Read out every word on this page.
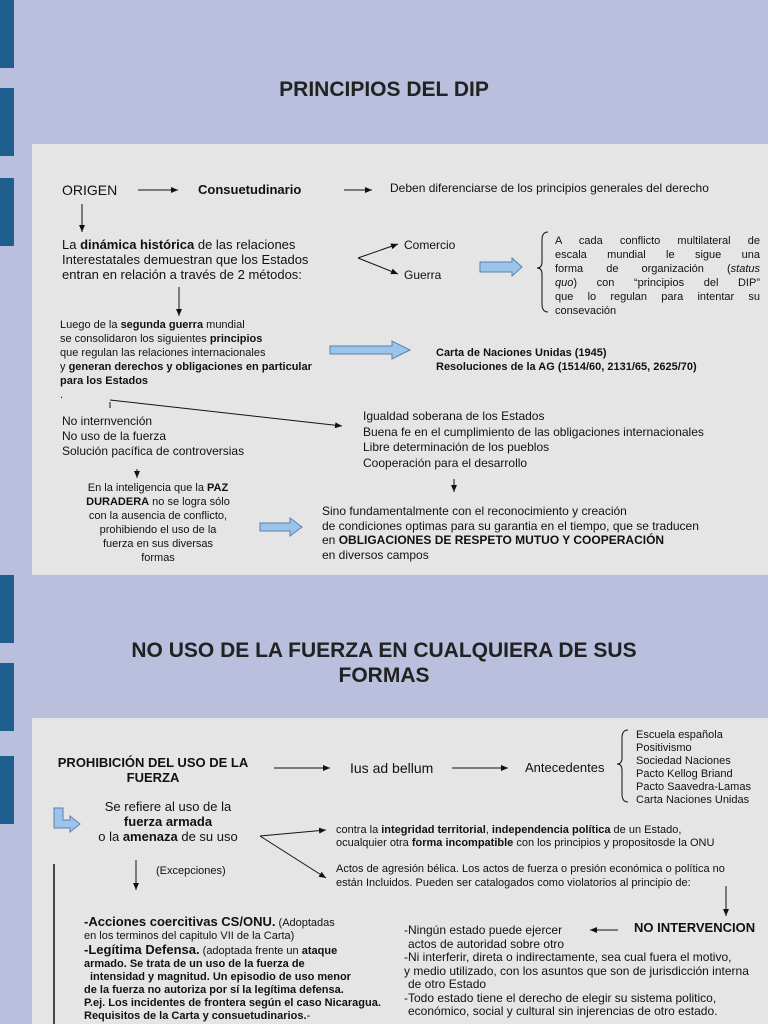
PRINCIPIOS DEL DIP
ORIGEN	Consuetudinario	Deben diferenciarse de los principios generales del derecho
La dinámica histórica de las relaciones
Interestatales demuestran que los Estados
entran en relación a través de 2 métodos:
Comercio
Guerra
A cada conflicto multilateral de
escala mundial le sigue una
forma de organización (status
quo) con “principios del DIP”
que lo regulan para intentar su
consevación
Luego de la segunda guerra mundial
se consolidaron los siguientes principios
que regulan las relaciones internacionales
y generan derechos y obligaciones en particular
para los Estados
.
Carta de Naciones Unidas (1945)
Resoluciones de la AG (1514/60, 2131/65, 2625/70)
No internvención
No uso de la fuerza
Solución pacífica de controversias
Igualdad soberana de los Estados
Buena fe en el cumplimiento de las obligaciones internacionales
Libre determinación de los pueblos
Cooperación para el desarrollo
En la inteligencia que la PAZ
DURADERA no se logra sólo
con la ausencia de conflicto,
prohibiendo el uso de la
fuerza en sus diversas
formas
Sino fundamentalmente con el reconocimiento y creación
de condiciones optimas para su garantia en el tiempo, que se traducen
en OBLIGACIONES DE RESPETO MUTUO Y COOPERACIÓN
en diversos campos
NO USO DE LA FUERZA EN CUALQUIERA DE SUS
FORMAS
PROHIBICIÓN DEL USO DE LA
FUERZA
Ius ad bellum	Antecedentes
Escuela española
Positivismo
Sociedad Naciones
Pacto Kellog Briand
Pacto Saavedra-Lamas
Carta Naciones Unidas
Se refiere al uso de la
fuerza armada
o la amenaza de su uso	contra la integridad territorial, independencia política de un Estado,
ocualquier otra forma incompatible con los principios y propositosde la ONU
(Excepciones)	Actos de agresión bélica. Los actos de fuerza o presión económica o política no
están Incluidos. Pueden ser catalogados como violatorios al principio de:
NO INTERVENCION
-Acciones coercitivas CS/ONU. (Adoptadas
en los terminos del capitulo VII de la Carta)
-Legítima Defensa. (adoptada frente un ataque
armado. Se trata de un uso de la fuerza de
intensidad y magnitud. Un episodio de uso menor
de la fuerza no autoriza por sí la legítima defensa.
P.ej. Los incidentes de frontera según el caso Nicaragua.
Requisitos de la Carta y consuetudinarios.-
-Ningún estado puede ejercer
actos de autoridad sobre otro
-Ni interferir, direta o indirectamente, sea cual fuera el motivo,
y medio utilizado, con los asuntos que son de jurisdicción interna
de otro Estado
-Todo estado tiene el derecho de elegir su sistema politico,
económico, social y cultural sin injerencias de otro estado.
